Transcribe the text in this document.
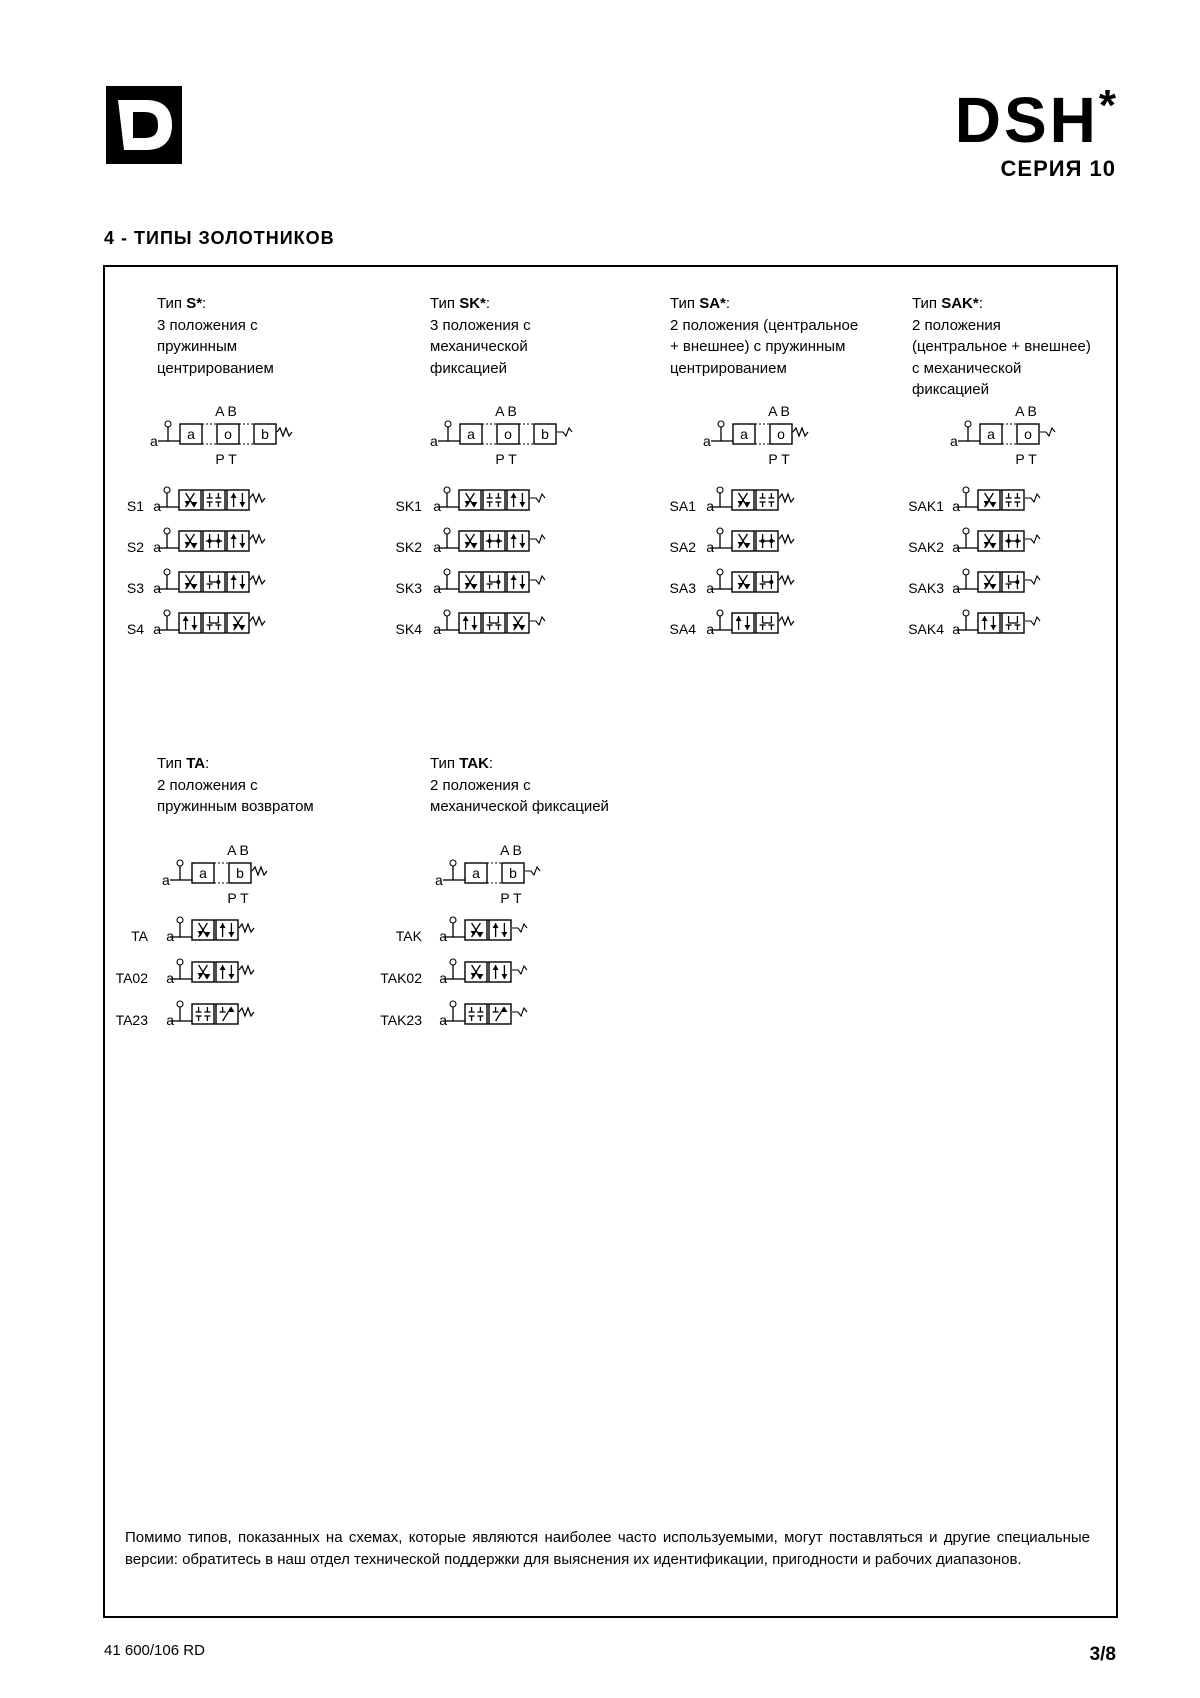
DSH*
СЕРИЯ 10
4 - ТИПЫ ЗОЛОТНИКОВ
Тип S*:
3 положения с
пружинным
центрированием
Тип SK*:
3 положения с
механической
фиксацией
Тип SA*:
2 положения (центральное
+ внешнее) с пружинным
центрированием
Тип SAK*:
2 положения
(центральное + внешнее)
с механической
фиксацией
Тип TA:
2 положения с
пружинным возвратом
Тип TAK:
2 положения с
механической фиксацией
a o b
A B
P T
a	a o b
A B
P T
a	a o
A B
P T
a	a o
A B
P T
a
a b
A B
P T
a	a b
A B
P T
a
S1 a
S2 a
S3 a
S4 a
SK1 a
SK2 a
SK3 a
SK4 a
SA1 a
SA2 a
SA3 a
SA4 a
SAK1 a
SAK2 a
SAK3 a
SAK4 a
TA	a
TA02	a
TA23	a
TAK	a
TAK02	a
TAK23	a
Помимо типов, показанных на схемах, которые являются наиболее часто используемыми, могут поставляться и другие специальные версии: обратитесь в наш отдел технической поддержки для выяснения их идентификации, пригодности и рабочих диапазонов.
41 600/106 RD	3/8
